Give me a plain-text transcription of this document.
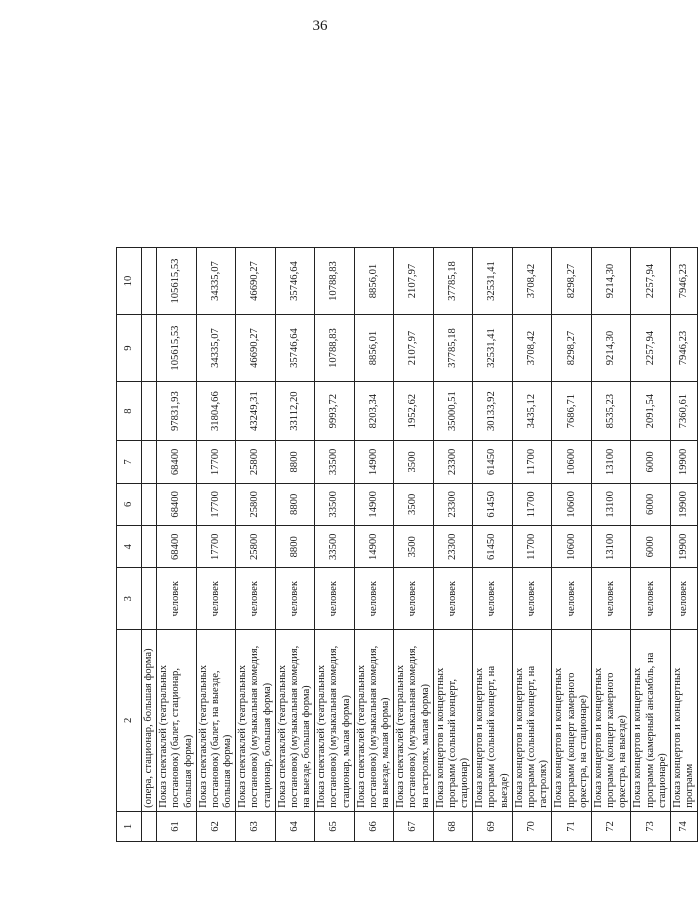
36
1	2	3	4	6	7	8	9	10
	(опера, стационар, большая форма)							
61	Показ спектаклей (театральных постановок) (балет, стационар, большая форма)	человек	68400	68400	68400	97831,93	105615,53	105615,53
62	Показ спектаклей (театральных постановок) (балет, на выезде, большая форма)	человек	17700	17700	17700	31804,66	34335,07	34335,07
63	Показ спектаклей (театральных постановок) (музыкальная комедия, стационар, большая форма)	человек	25800	25800	25800	43249,31	46690,27	46690,27
64	Показ спектаклей (театральных постановок) (музыкальная комедия, на выезде, большая форма)	человек	8800	8800	8800	33112,20	35746,64	35746,64
65	Показ спектаклей (театральных постановок) (музыкальная комедия, стационар, малая форма)	человек	33500	33500	33500	9993,72	10788,83	10788,83
66	Показ спектаклей (театральных постановок) (музыкальная комедия, на выезде, малая форма)	человек	14900	14900	14900	8203,34	8856,01	8856,01
67	Показ спектаклей (театральных постановок) (музыкальная комедия, на гастролях, малая форма)	человек	3500	3500	3500	1952,62	2107,97	2107,97
68	Показ концертов и концертных программ (сольный концерт, стационар)	человек	23300	23300	23300	35000,51	37785,18	37785,18
69	Показ концертов и концертных программ (сольный концерт, на выезде)	человек	61450	61450	61450	30133,92	32531,41	32531,41
70	Показ концертов и концертных программ (сольный концерт, на гастролях)	человек	11700	11700	11700	3435,12	3708,42	3708,42
71	Показ концертов и концертных программ (концерт камерного оркестра, на стационаре)	человек	10600	10600	10600	7686,71	8298,27	8298,27
72	Показ концертов и концертных программ (концерт камерного оркестра, на выезде)	человек	13100	13100	13100	8535,23	9214,30	9214,30
73	Показ концертов и концертных программ (камерный ансамбль, на стационаре)	человек	6000	6000	6000	2091,54	2257,94	2257,94
74	Показ концертов и концертных программ	человек	19900	19900	19900	7360,61	7946,23	7946,23
